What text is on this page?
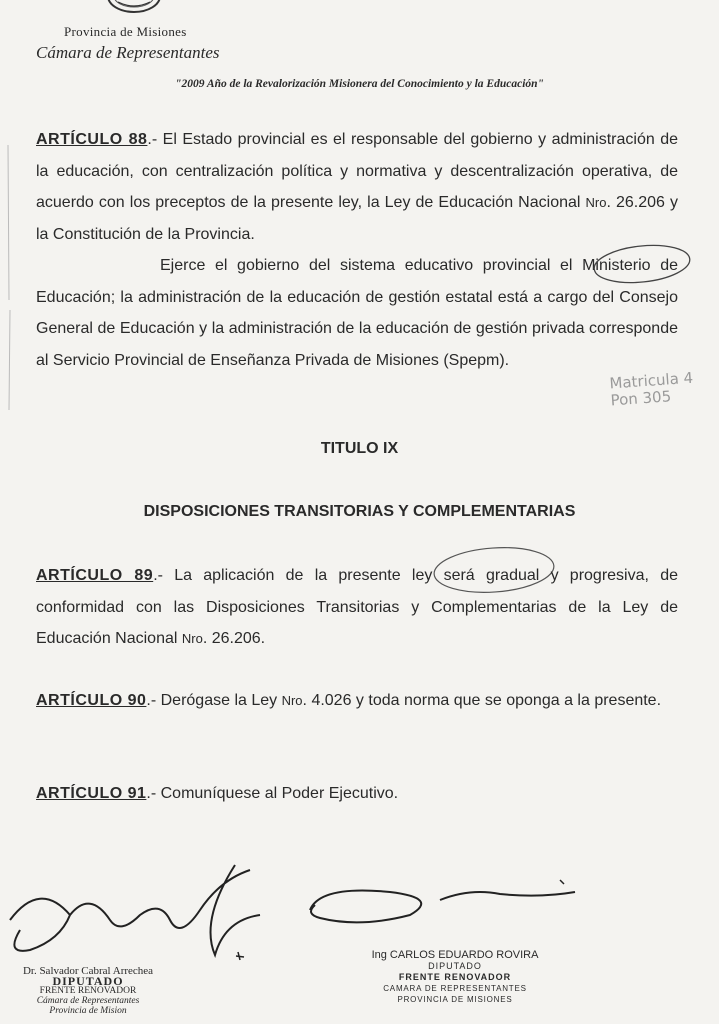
Provincia de Misiones
Cámara de Representantes
"2009 Año de la Revalorización Misionera del Conocimiento y la Educación"
ARTÍCULO 88.- El Estado provincial es el responsable del gobierno y administración de la educación, con centralización política y normativa y descentralización operativa, de acuerdo con los preceptos de la presente ley, la Ley de Educación Nacional Nro. 26.206 y la Constitución de la Provincia.
Ejerce el gobierno del sistema educativo provincial el Ministerio de Educación; la administración de la educación de gestión estatal está a cargo del Consejo General de Educación y la administración de la educación de gestión privada corresponde al Servicio Provincial de Enseñanza Privada de Misiones (Spepm).
Matricula 4
Pon 305
TITULO IX
DISPOSICIONES TRANSITORIAS Y COMPLEMENTARIAS
ARTÍCULO 89.- La aplicación de la presente ley será gradual y progresiva, de conformidad con las Disposiciones Transitorias y Complementarias de la Ley de Educación Nacional Nro. 26.206.
ARTÍCULO 90.- Derógase la Ley Nro. 4.026 y toda norma que se oponga a la presente.
ARTÍCULO 91.- Comuníquese al Poder Ejecutivo.
Dr. Salvador Cabral Arrechea
DIPUTADO
FRENTE RENOVADOR
Cámara de Representantes
Provincia de Mision
Ing CARLOS EDUARDO ROVIRA
DIPUTADO
FRENTE RENOVADOR
CAMARA DE REPRESENTANTES
PROVINCIA DE MISIONES
